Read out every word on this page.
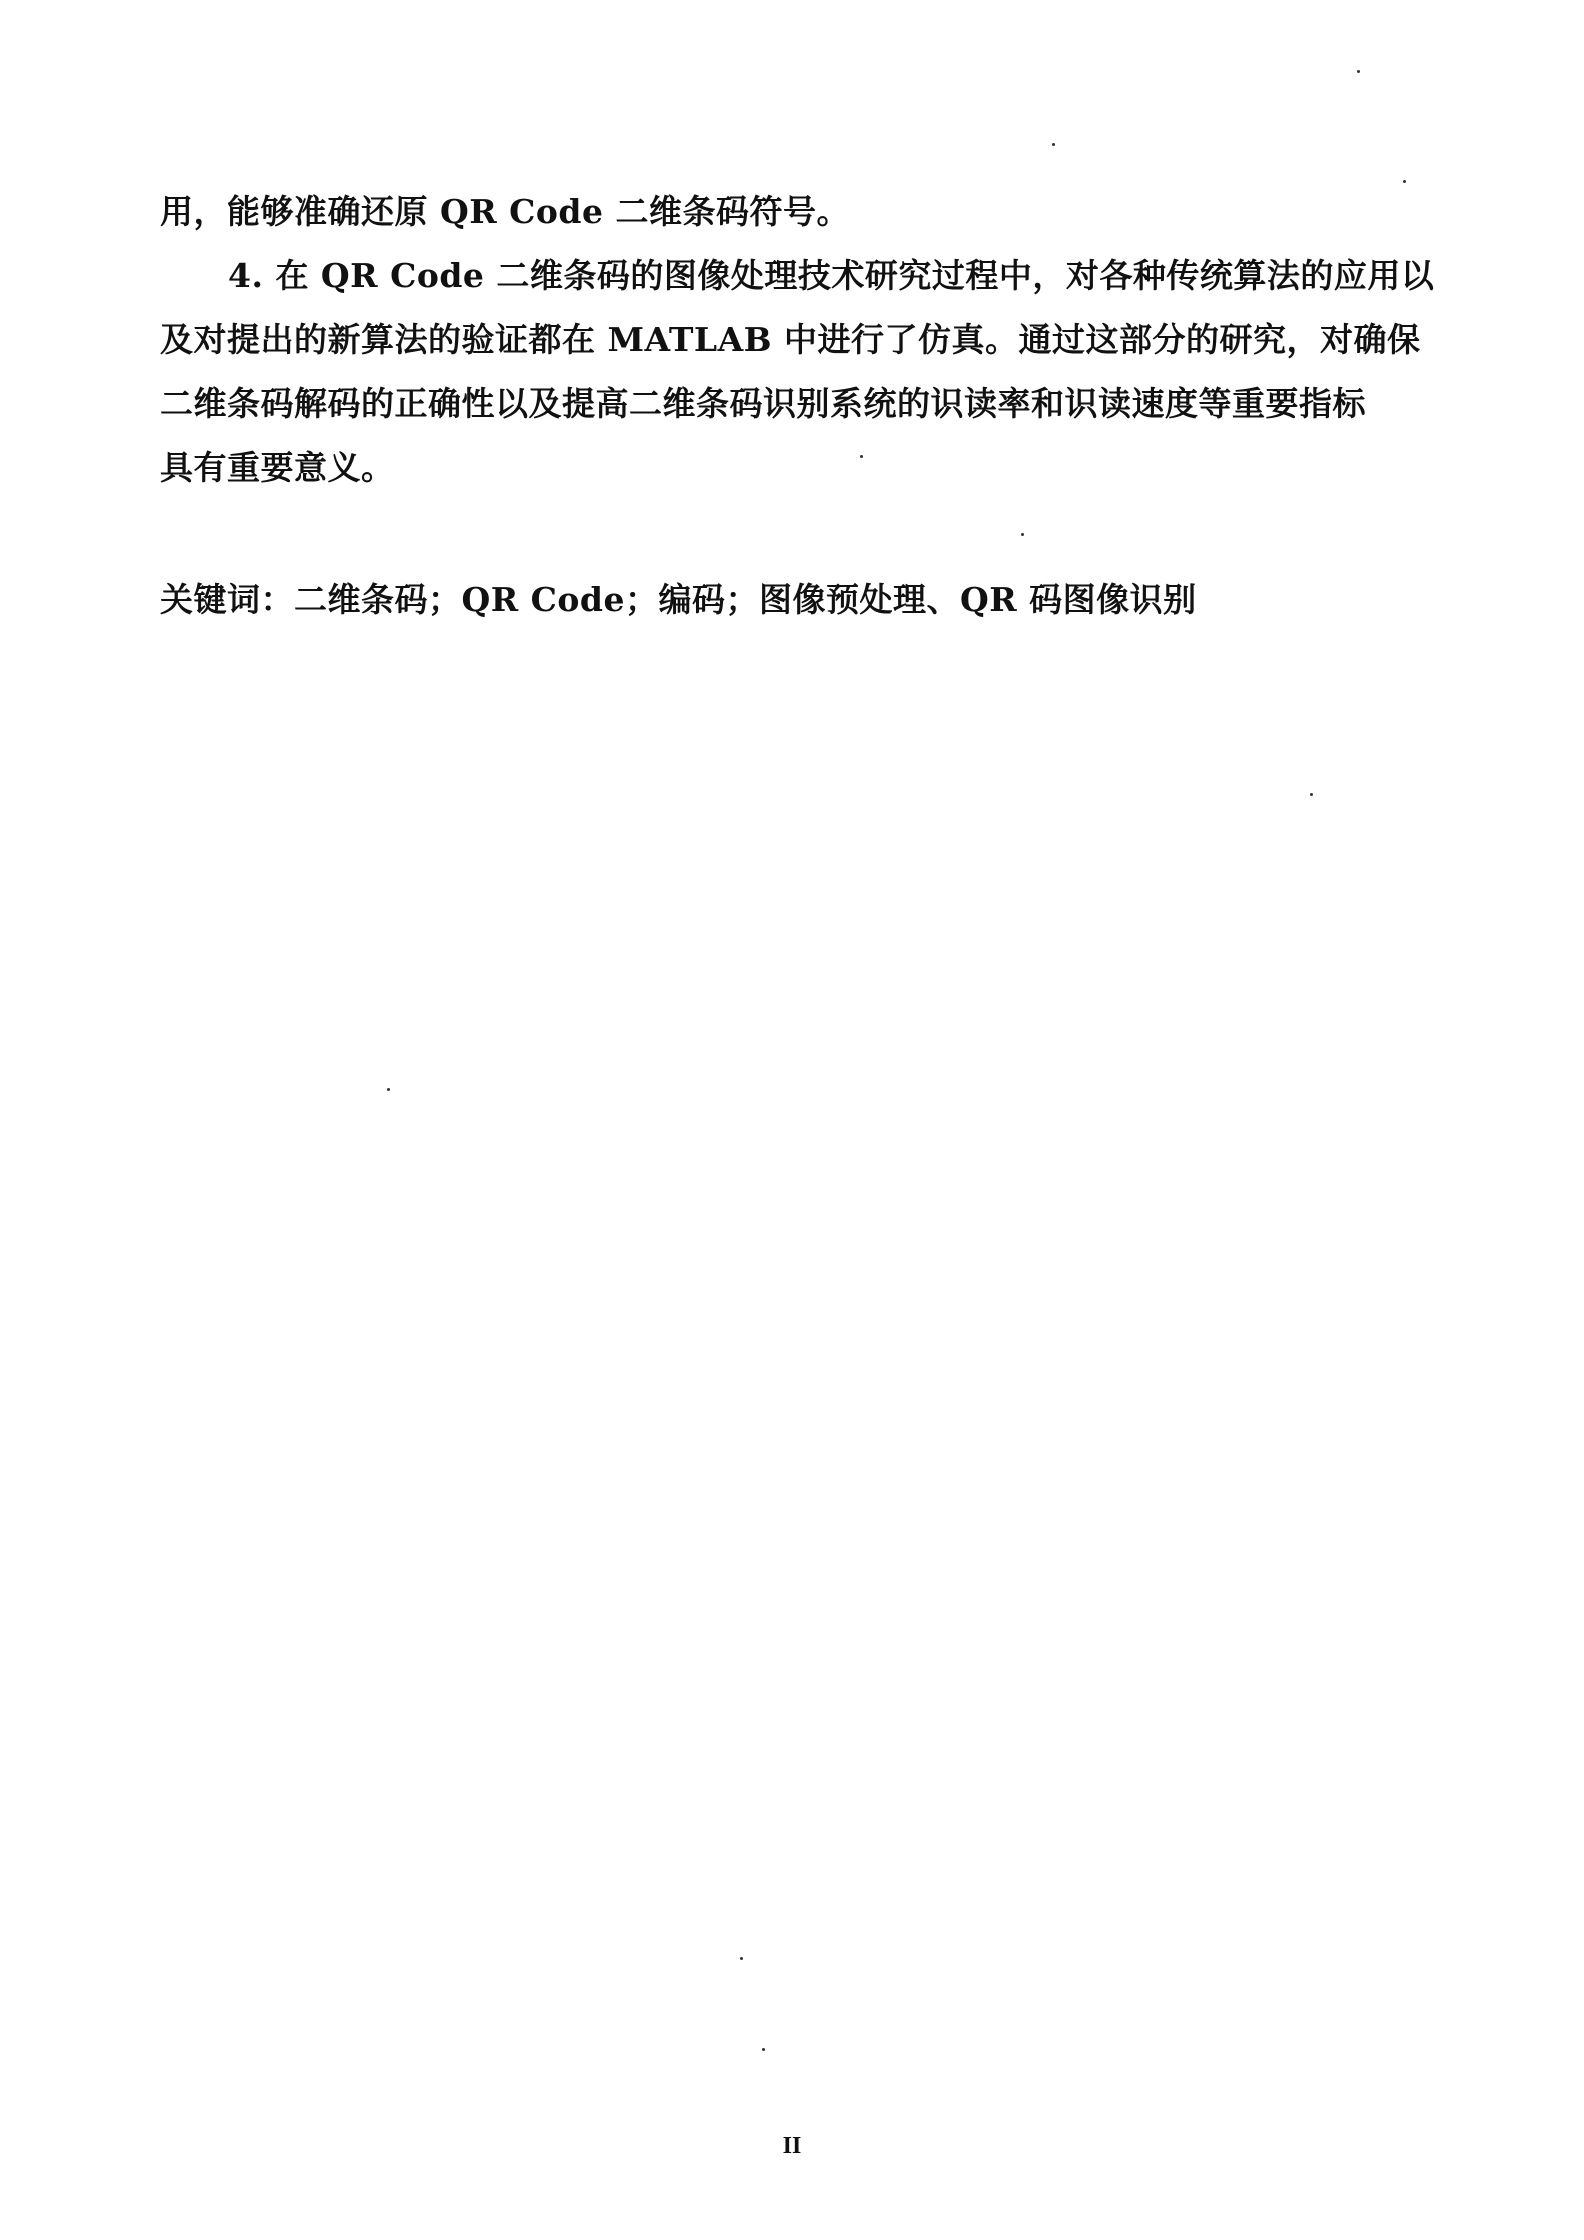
用，能够准确还原 QR Code 二维条码符号。
4. 在 QR Code 二维条码的图像处理技术研究过程中，对各种传统算法的应用以
及对提出的新算法的验证都在 MATLAB 中进行了仿真。通过这部分的研究，对确保
二维条码解码的正确性以及提高二维条码识别系统的识读率和识读速度等重要指标
具有重要意义。
关键词：二维条码；QR Code；编码；图像预处理、QR 码图像识别
II
